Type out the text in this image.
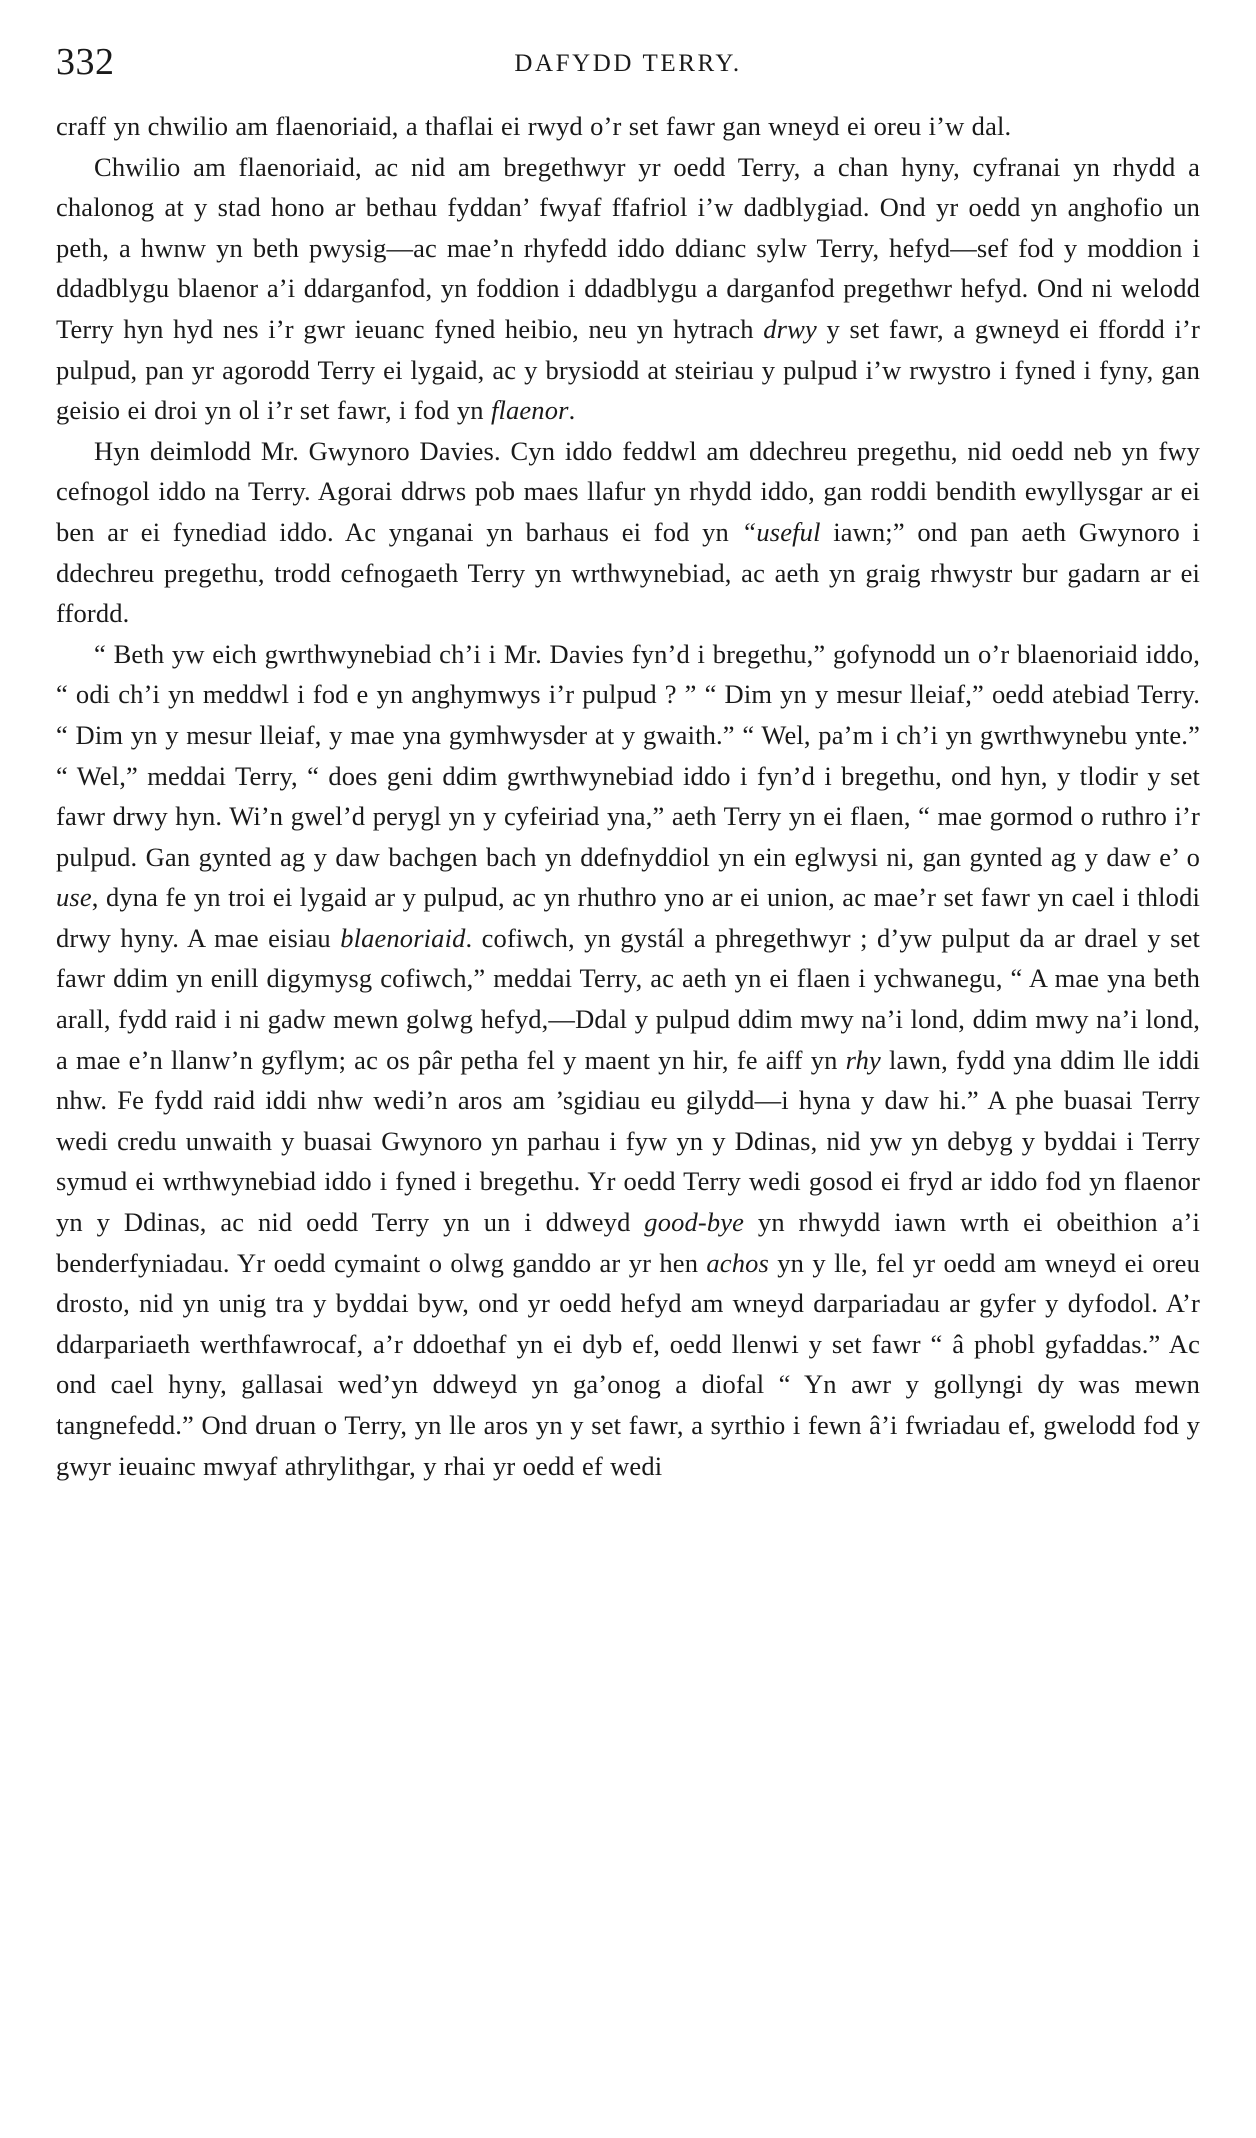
332	DAFYDD TERRY.

craff yn chwilio am flaenoriaid, a thaflai ei rwyd o’r set fawr gan wneyd ei oreu i’w dal.

Chwilio am flaenoriaid, ac nid am bregethwyr yr oedd Terry, a chan hyny, cyfranai yn rhydd a chalonog at y stad hono ar bethau fyddan’ fwyaf ffafriol i’w dadblygiad. Ond yr oedd yn anghofio un peth, a hwnw yn beth pwysig—ac mae’n rhyfedd iddo ddianc sylw Terry, hefyd—sef fod y moddion i ddadblygu blaenor a’i ddarganfod, yn foddion i ddadblygu a darganfod pregethwr hefyd. Ond ni welodd Terry hyn hyd nes i’r gwr ieuanc fyned heibio, neu yn hytrach drwy y set fawr, a gwneyd ei ffordd i’r pulpud, pan yr agorodd Terry ei lygaid, ac y brysiodd at steiriau y pulpud i’w rwystro i fyned i fyny, gan geisio ei droi yn ol i’r set fawr, i fod yn flaenor.

Hyn deimlodd Mr. Gwynoro Davies. Cyn iddo feddwl am ddechreu pregethu, nid oedd neb yn fwy cefnogol iddo na Terry. Agorai ddrws pob maes llafur yn rhydd iddo, gan roddi bendith ewyllysgar ar ei ben ar ei fynediad iddo. Ac ynganai yn barhaus ei fod yn “useful iawn;” ond pan aeth Gwynoro i ddechreu pregethu, trodd cefnogaeth Terry yn wrthwynebiad, ac aeth yn graig rhwystr bur gadarn ar ei ffordd.

“ Beth yw eich gwrthwynebiad ch’i i Mr. Davies fyn’d i bregethu,” gofynodd un o’r blaenoriaid iddo, “ odi ch’i yn meddwl i fod e yn anghymwys i’r pulpud ? ” “ Dim yn y mesur lleiaf,” oedd atebiad Terry. “ Dim yn y mesur lleiaf, y mae yna gymhwysder at y gwaith.” “ Wel, pa’m i ch’i yn gwrthwynebu ynte.” “ Wel,” meddai Terry, “ does geni ddim gwrthwynebiad iddo i fyn’d i bregethu, ond hyn, y tlodir y set fawr drwy hyn. Wi’n gwel’d perygl yn y cyfeiriad yna,” aeth Terry yn ei flaen, “ mae gormod o ruthro i’r pulpud. Gan gynted ag y daw bachgen bach yn ddefnyddiol yn ein eglwysi ni, gan gynted ag y daw e’ o use, dyna fe yn troi ei lygaid ar y pulpud, ac yn rhuthro yno ar ei union, ac mae’r set fawr yn cael i thlodi drwy hyny. A mae eisiau blaenoriaid. cofiwch, yn gystál a phregethwyr ; d’yw pulput da ar drael y set fawr ddim yn enill digymysg cofiwch,” meddai Terry, ac aeth yn ei flaen i ychwanegu, “ A mae yna beth arall, fydd raid i ni gadw mewn golwg hefyd,—Ddal y pulpud ddim mwy na’i lond, ddim mwy na’i lond, a mae e’n llanw’n gyflym; ac os pâr petha fel y maent yn hir, fe aiff yn rhy lawn, fydd yna ddim lle iddi nhw. Fe fydd raid iddi nhw wedi’n aros am ’sgidiau eu gilydd—i hyna y daw hi.” A phe buasai Terry wedi credu unwaith y buasai Gwynoro yn parhau i fyw yn y Ddinas, nid yw yn debyg y byddai i Terry symud ei wrthwynebiad iddo i fyned i bregethu. Yr oedd Terry wedi gosod ei fryd ar iddo fod yn flaenor yn y Ddinas, ac nid oedd Terry yn un i ddweyd good-bye yn rhwydd iawn wrth ei obeithion a’i benderfyniadau. Yr oedd cymaint o olwg ganddo ar yr hen achos yn y lle, fel yr oedd am wneyd ei oreu drosto, nid yn unig tra y byddai byw, ond yr oedd hefyd am wneyd darpariadau ar gyfer y dyfodol. A’r ddarpariaeth werthfawrocaf, a’r ddoethaf yn ei dyb ef, oedd llenwi y set fawr “ â phobl gyfaddas.” Ac ond cael hyny, gallasai wed’yn ddweyd yn ga’onog a diofal “ Yn awr y gollyngi dy was mewn tangnefedd.” Ond druan o Terry, yn lle aros yn y set fawr, a syrthio i fewn â’i fwriadau ef, gwelodd fod y gwyr ieuainc mwyaf athrylithgar, y rhai yr oedd ef wedi
